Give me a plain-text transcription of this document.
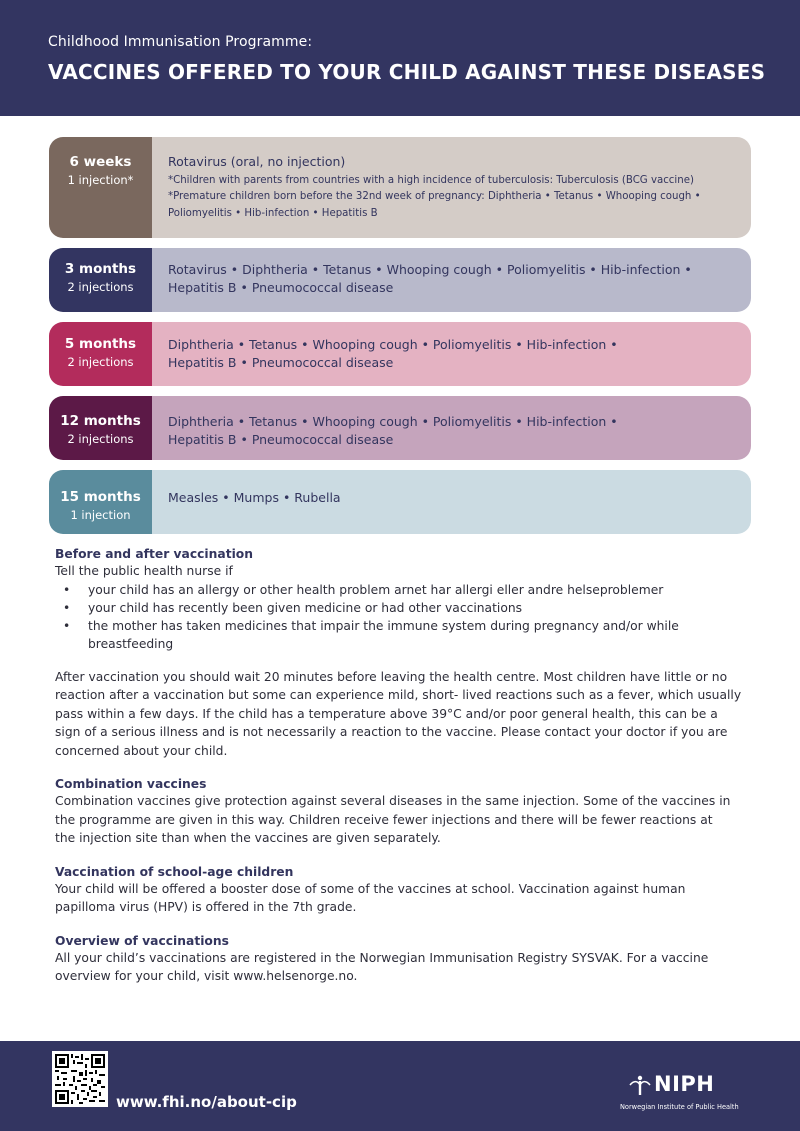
Childhood Immunisation Programme:
VACCINES OFFERED TO YOUR CHILD AGAINST THESE DISEASES
6 weeks
1 injection*
Rotavirus (oral, no injection)
*Children with parents from countries with a high incidence of tuberculosis: Tuberculosis (BCG vaccine)
*Premature children born before the 32nd week of pregnancy: Diphtheria • Tetanus • Whooping cough •
Poliomyelitis • Hib-infection • Hepatitis B
3 months
2 injections
Rotavirus • Diphtheria • Tetanus • Whooping cough • Poliomyelitis • Hib-infection •
Hepatitis B • Pneumococcal disease
5 months
2 injections
Diphtheria • Tetanus • Whooping cough • Poliomyelitis • Hib-infection •
Hepatitis B • Pneumococcal disease
12 months
2 injections
Diphtheria • Tetanus • Whooping cough • Poliomyelitis • Hib-infection •
Hepatitis B • Pneumococcal disease
15 months
1 injection
Measles • Mumps • Rubella
Before and after vaccination

Tell the public health nurse if

• your child has an allergy or other health problem arnet har allergi eller andre helseproblemer
• your child has recently been given medicine or had other vaccinations
• the mother has taken medicines that impair the immune system during pregnancy and/or while
breastfeeding

After vaccination you should wait 20 minutes before leaving the health centre. Most children have little or no
reaction after a vaccination but some can experience mild, short- lived reactions such as a fever, which usually
pass within a few days. If the child has a temperature above 39°C and/or poor general health, this can be a
sign of a serious illness and is not necessarily a reaction to the vaccine. Please contact your doctor if you are
concerned about your child.

Combination vaccines

Combination vaccines give protection against several diseases in the same injection. Some of the vaccines in
the programme are given in this way. Children receive fewer injections and there will be fewer reactions at
the injection site than when the vaccines are given separately.

Vaccination of school-age children

Your child will be offered a booster dose of some of the vaccines at school. Vaccination against human
papilloma virus (HPV) is offered in the 7th grade.

Overview of vaccinations

All your child’s vaccinations are registered in the Norwegian Immunisation Registry SYSVAK. For a vaccine
overview for your child, visit www.helsenorge.no.

www.fhi.no/about-cip
NIPH
Norwegian Institute of Public Health
